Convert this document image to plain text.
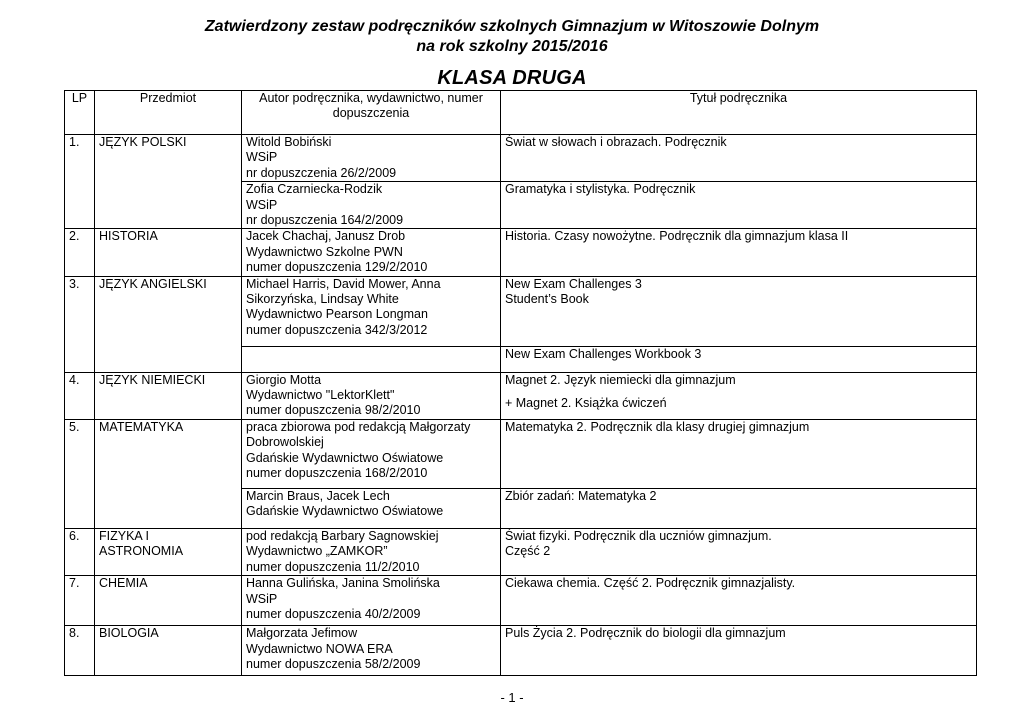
Zatwierdzony zestaw podręczników szkolnych Gimnazjum w Witoszowie Dolnym
na rok szkolny 2015/2016
KLASA DRUGA
LP	Przedmiot	Autor podręcznika, wydawnictwo, numer dopuszczenia	Tytuł podręcznika
1.	JĘZYK POLSKI	Witold Bobiński
WSiP
nr dopuszczenia 26/2/2009	Świat w słowach i obrazach. Podręcznik

		Zofia Czarniecka-Rodzik
WSiP
nr dopuszczenia 164/2/2009	Gramatyka i stylistyka. Podręcznik
2.	HISTORIA	Jacek Chachaj, Janusz Drob
Wydawnictwo Szkolne PWN
numer dopuszczenia 129/2/2010	Historia. Czasy nowożytne. Podręcznik dla gimnazjum klasa II
3.	JĘZYK ANGIELSKI	Michael Harris, David Mower, Anna
Sikorzyńska, Lindsay White
Wydawnictwo Pearson Longman
numer dopuszczenia 342/3/2012	New Exam Challenges 3
Student’s Book

			New Exam Challenges Workbook 3
4.	JĘZYK NIEMIECKI	Giorgio Motta
Wydawnictwo "LektorKlett"
numer dopuszczenia 98/2/2010	Magnet 2. Język niemiecki dla gimnazjum
+ Magnet 2. Książka ćwiczeń

5.	MATEMATYKA	praca zbiorowa pod redakcją Małgorzaty
Dobrowolskiej
Gdańskie Wydawnictwo Oświatowe
numer dopuszczenia 168/2/2010	Matematyka 2. Podręcznik dla klasy drugiej gimnazjum

		Marcin Braus, Jacek Lech
Gdańskie Wydawnictwo Oświatowe	Zbiór zadań: Matematyka 2
6.	FIZYKA I
ASTRONOMIA	pod redakcją Barbary Sagnowskiej
Wydawnictwo „ZAMKOR”
numer dopuszczenia 11/2/2010	Świat fizyki. Podręcznik dla uczniów gimnazjum.
Część 2

7.	CHEMIA	Hanna Gulińska, Janina Smolińska
WSiP
numer dopuszczenia 40/2/2009	Ciekawa chemia. Część 2. Podręcznik gimnazjalisty.
8.	BIOLOGIA	Małgorzata Jefimow
Wydawnictwo NOWA ERA
numer dopuszczenia 58/2/2009	Puls Życia 2. Podręcznik do biologii dla gimnazjum
- 1 -
